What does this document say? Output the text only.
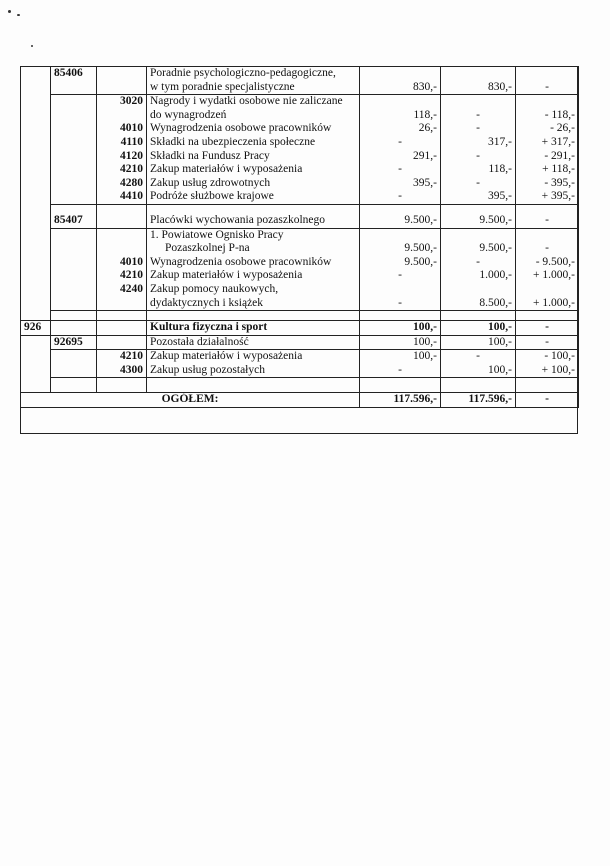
	85406		Poradnie psychologiczno-pedagogiczne,			
			w tym poradnie specjalistyczne	830,-	830,-	-
		3020	Nagrody i wydatki osobowe nie zaliczane			
			do wynagrodzeń	118,-	-	- 118,-
		4010	Wynagrodzenia osobowe pracowników	26,-	-	- 26,-
		4110	Składki na ubezpieczenia społeczne	-	317,-	+ 317,-
		4120	Składki na Fundusz Pracy	291,-	-	- 291,-
		4210	Zakup materiałów i wyposażenia	-	118,-	+ 118,-
		4280	Zakup usług zdrowotnych	395,-	-	- 395,-
		4410	Podróże służbowe krajowe	-	395,-	+ 395,-

	85407		Placówki wychowania pozaszkolnego	9.500,-	9.500,-	-
			1. Powiatowe Ognisko Pracy			
			Pozaszkolnej P-na	9.500,-	9.500,-	-
		4010	Wynagrodzenia osobowe pracowników	9.500,-	-	- 9.500,-
		4210	Zakup materiałów i wyposażenia	-	1.000,-	+ 1.000,-
		4240	Zakup pomocy naukowych,			
			dydaktycznych i książek	-	8.500,-	+ 1.000,-

926			Kultura fizyczna i sport	100,-	100,-	-
	92695		Pozostała działalność	100,-	100,-	-
		4210	Zakup materiałów i wyposażenia	100,-	-	- 100,-
		4300	Zakup usług pozostałych	-	100,-	+ 100,-

OGÓŁEM:				117.596,-	117.596,-	-
